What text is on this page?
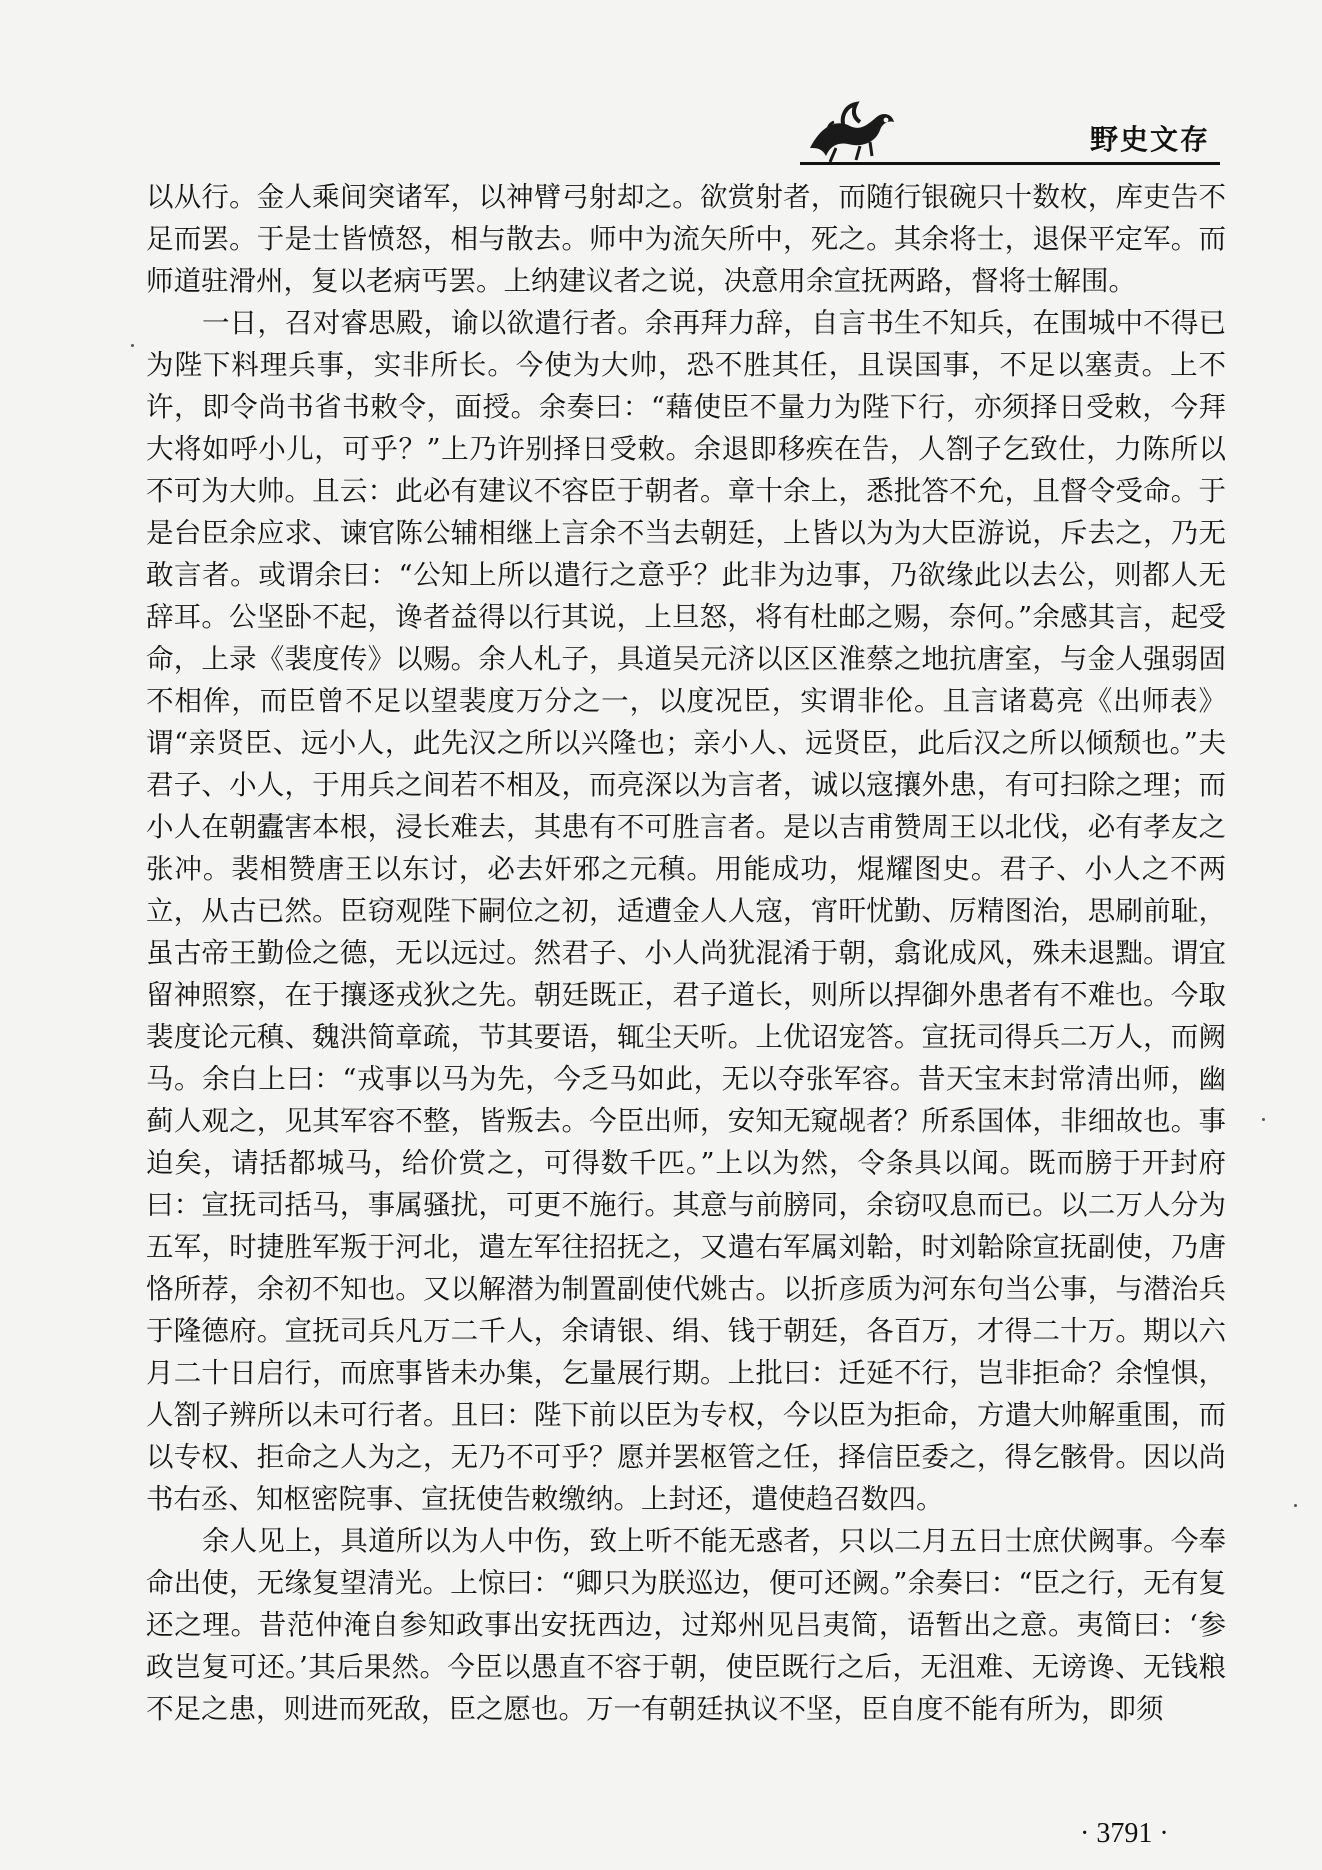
野史文存

以从行。金人乘间突诸军，以神臂弓射却之。欲赏射者，而随行银碗只十数枚，库吏告不足而罢。于是士皆愤怒，相与散去。师中为流矢所中，死之。其余将士，退保平定军。而师道驻滑州，复以老病丐罢。上纳建议者之说，决意用余宣抚两路，督将士解围。

一日，召对睿思殿，谕以欲遣行者。余再拜力辞，自言书生不知兵，在围城中不得已为陛下料理兵事，实非所长。今使为大帅，恐不胜其任，且误国事，不足以塞责。上不许，即令尚书省书敕令，面授。余奏曰：“藉使臣不量力为陛下行，亦须择日受敕，今拜大将如呼小儿，可乎？”上乃许别择日受敕。余退即移疾在告，人劄子乞致仕，力陈所以不可为大帅。且云：此必有建议不容臣于朝者。章十余上，悉批答不允，且督令受命。于是台臣余应求、谏官陈公辅相继上言余不当去朝廷，上皆以为为大臣游说，斥去之，乃无敢言者。或谓余曰：“公知上所以遣行之意乎？此非为边事，乃欲缘此以去公，则都人无辞耳。公坚卧不起，谗者益得以行其说，上旦怒，将有杜邮之赐，奈何。”余感其言，起受命，上录《裴度传》以赐。余人札子，具道吴元济以区区淮蔡之地抗唐室，与金人强弱固不相侔，而臣曾不足以望裴度万分之一，以度况臣，实谓非伦。且言诸葛亮《出师表》谓“亲贤臣、远小人，此先汉之所以兴隆也；亲小人、远贤臣，此后汉之所以倾颓也。”夫君子、小人，于用兵之间若不相及，而亮深以为言者，诚以寇攘外患，有可扫除之理；而小人在朝蠹害本根，浸长难去，其患有不可胜言者。是以吉甫赞周王以北伐，必有孝友之张冲。裴相赞唐王以东讨，必去奸邪之元稹。用能成功，焜耀图史。君子、小人之不两立，从古已然。臣窃观陛下嗣位之初，适遭金人人寇，宵旰忧勤、厉精图治，思刷前耻，虽古帝王勤俭之德，无以远过。然君子、小人尚犹混淆于朝，翕讹成风，殊未退黜。谓宜留神照察，在于攘逐戎狄之先。朝廷既正，君子道长，则所以捍御外患者有不难也。今取裴度论元稹、魏洪简章疏，节其要语，辄尘天听。上优诏宠答。宣抚司得兵二万人，而阙马。余白上曰：“戎事以马为先，今乏马如此，无以夺张军容。昔天宝末封常清出师，幽蓟人观之，见其军容不整，皆叛去。今臣出师，安知无窥觇者？所系国体，非细故也。事迫矣，请括都城马，给价赏之，可得数千匹。”上以为然，令条具以闻。既而膀于开封府曰：宣抚司括马，事属骚扰，可更不施行。其意与前膀同，余窃叹息而已。以二万人分为五军，时捷胜军叛于河北，遣左军往招抚之，又遣右军属刘韐，时刘韐除宣抚副使，乃唐恪所荐，余初不知也。又以解潜为制置副使代姚古。以折彦质为河东句当公事，与潜治兵于隆德府。宣抚司兵凡万二千人，余请银、绢、钱于朝廷，各百万，才得二十万。期以六月二十日启行，而庶事皆未办集，乞量展行期。上批曰：迁延不行，岂非拒命？余惶惧，人劄子辨所以未可行者。且曰：陛下前以臣为专权，今以臣为拒命，方遣大帅解重围，而以专权、拒命之人为之，无乃不可乎？愿并罢枢管之任，择信臣委之，得乞骸骨。因以尚书右丞、知枢密院事、宣抚使告敕缴纳。上封还，遣使趋召数四。

余人见上，具道所以为人中伤，致上听不能无惑者，只以二月五日士庶伏阙事。今奉命出使，无缘复望清光。上惊曰：“卿只为朕巡边，便可还阙。”余奏曰：“臣之行，无有复还之理。昔范仲淹自参知政事出安抚西边，过郑州见吕夷简，语暂出之意。夷简曰：‘参政岂复可还。’其后果然。今臣以愚直不容于朝，使臣既行之后，无沮难、无谤谗、无钱粮不足之患，则进而死敌，臣之愿也。万一有朝廷执议不坚，臣自度不能有所为，即须

· 3791 ·
